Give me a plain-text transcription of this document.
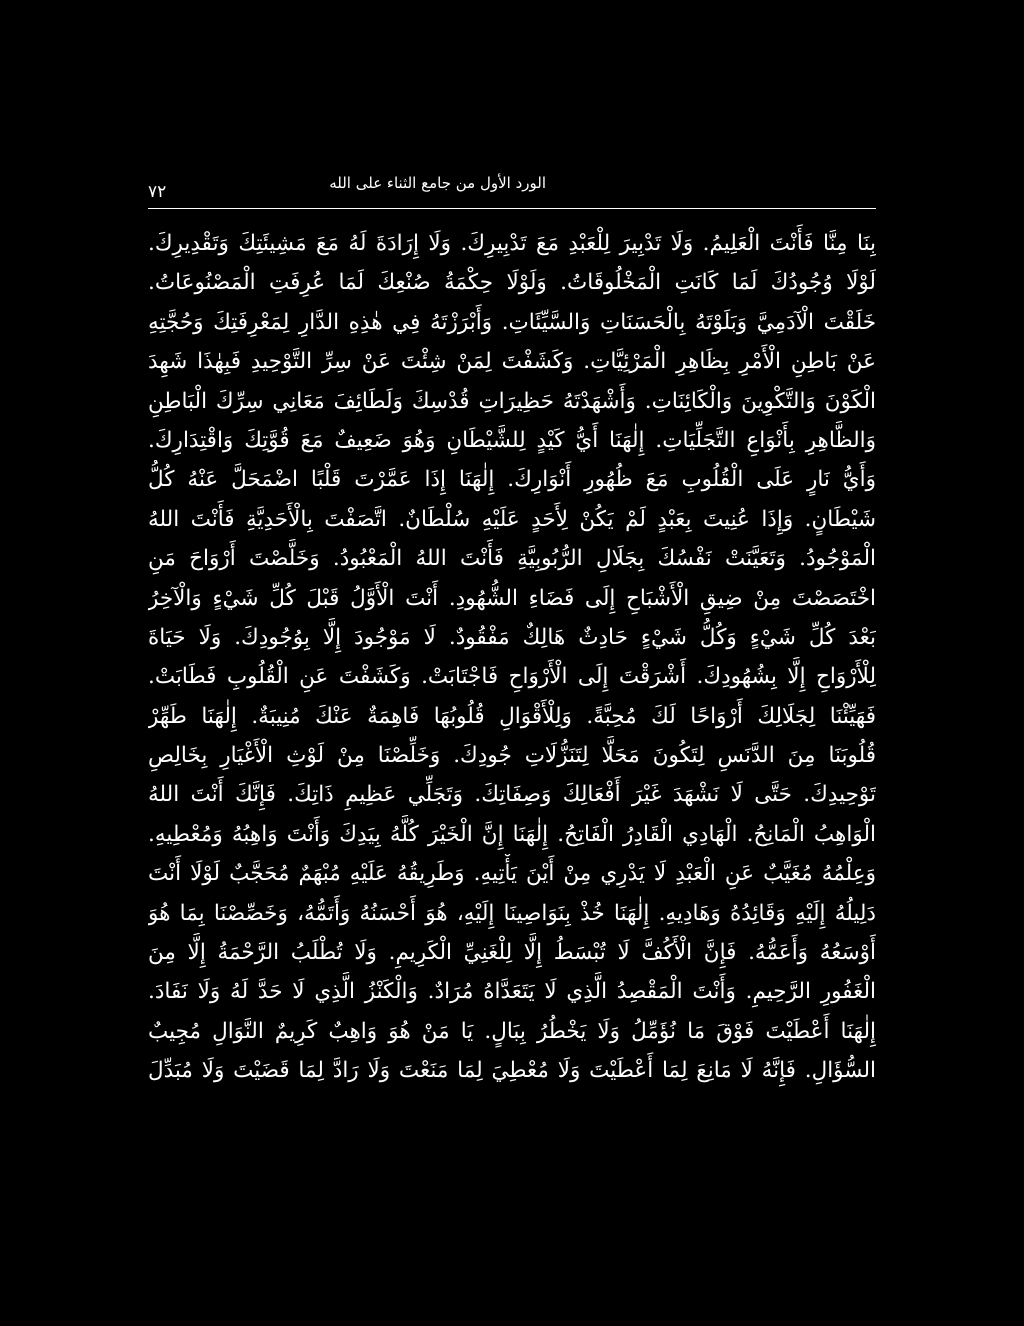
الورد الأول من جامع الثناء على الله
٧٢
بِنَا مِنَّا فَأَنْتَ الْعَلِيمُ. وَلَا تَدْبِيرَ لِلْعَبْدِ مَعَ تَدْبِيرِكَ. وَلَا إِرَادَةَ لَهُ مَعَ مَشِيئَتِكَ وَتَقْدِيرِكَ.
لَوْلَا وُجُودُكَ لَمَا كَانَتِ الْمَخْلُوقَاتُ. وَلَوْلَا حِكْمَةُ صُنْعِكَ لَمَا عُرِفَتِ الْمَصْنُوعَاتُ.
خَلَقْتَ الْآدَمِيَّ وَبَلَوْتَهُ بِالْحَسَنَاتِ وَالسَّيِّئَاتِ. وَأَبْرَزْتَهُ فِي هٰذِهِ الدَّارِ لِمَعْرِفَتِكَ وَحُجَّتِهِ
عَنْ بَاطِنِ الْأَمْرِ بِظَاهِرِ الْمَرْئِيَّاتِ. وَكَشَفْتَ لِمَنْ شِئْتَ عَنْ سِرِّ التَّوْحِيدِ فَبِهٰذَا شَهِدَ
الْكَوْنَ وَالتَّكْوِينَ وَالْكَائِنَاتِ. وَأَشْهَدْتَهُ حَظِيرَاتِ قُدْسِكَ وَلَطَائِفَ مَعَانِي سِرِّكَ الْبَاطِنِ
وَالظَّاهِرِ بِأَنْوَاعِ التَّجَلِّيَاتِ. إِلٰهَنَا أَيُّ كَيْدٍ لِلشَّيْطَانِ وَهُوَ ضَعِيفٌ مَعَ قُوَّتِكَ وَاقْتِدَارِكَ.
وَأَيُّ نَارٍ عَلَى الْقُلُوبِ مَعَ ظُهُورِ أَنْوَارِكَ. إِلٰهَنَا إِذَا عَمَّرْتَ قَلْبًا اضْمَحَلَّ عَنْهُ كُلُّ
شَيْطَانٍ. وَإِذَا عُنِيتَ بِعَبْدٍ لَمْ يَكُنْ لِأَحَدٍ عَلَيْهِ سُلْطَانٌ. اتَّصَفْتَ بِالْأَحَدِيَّةِ فَأَنْتَ اللهُ
الْمَوْجُودُ. وَتَعَيَّنَتْ نَفْسُكَ بِجَلَالِ الرُّبُوبِيَّةِ فَأَنْتَ اللهُ الْمَعْبُودُ. وَخَلَّصْتَ أَرْوَاحَ مَنِ
اخْتَصَصْتَ مِنْ ضِيقِ الْأَشْبَاحِ إِلَى فَضَاءِ الشُّهُودِ. أَنْتَ الْأَوَّلُ قَبْلَ كُلِّ شَيْءٍ وَالْآخِرُ
بَعْدَ كُلِّ شَيْءٍ وَكُلُّ شَيْءٍ حَادِثٌ هَالِكٌ مَفْقُودٌ. لَا مَوْجُودَ إِلَّا بِوُجُودِكَ. وَلَا حَيَاةَ
لِلْأَرْوَاحِ إِلَّا بِشُهُودِكَ. أَشْرَقْتَ إِلَى الْأَرْوَاحِ فَاجْتَابَتْ. وَكَشَفْتَ عَنِ الْقُلُوبِ فَطَابَتْ.
فَهَيِّئْنَا لِجَلَالِكَ أَرْوَاحًا لَكَ مُحِبَّةً. وَلِلْأَقْوَالِ قُلُوبُهَا فَاهِمَةٌ عَنْكَ مُنِيبَةٌ. إِلٰهَنَا طَهِّرْ
قُلُوبَنَا مِنَ الدَّنَسِ لِتَكُونَ مَحَلًّا لِتَنَزُّلَاتِ جُودِكَ. وَخَلِّصْنَا مِنْ لَوْثِ الْأَغْيَارِ بِخَالِصِ
تَوْحِيدِكَ. حَتَّى لَا نَشْهَدَ غَيْرَ أَفْعَالِكَ وَصِفَاتِكَ. وَتَجَلِّي عَظِيمِ ذَاتِكَ. فَإِنَّكَ أَنْتَ اللهُ
الْوَاهِبُ الْمَانِحُ. الْهَادِي الْقَادِرُ الْفَاتِحُ. إِلٰهَنَا إِنَّ الْخَيْرَ كُلَّهُ بِيَدِكَ وَأَنْتَ وَاهِبُهُ وَمُعْطِيهِ.
وَعِلْمُهُ مُغَيَّبٌ عَنِ الْعَبْدِ لَا يَدْرِي مِنْ أَيْنَ يَأْتِيهِ. وَطَرِيقُهُ عَلَيْهِ مُبْهَمٌ مُحَجَّبٌ لَوْلَا أَنْتَ
دَلِيلُهُ إِلَيْهِ وَقَائِدُهُ وَهَادِيهِ. إِلٰهَنَا خُذْ بِنَوَاصِينَا إِلَيْهِ، هُوَ أَحْسَنُهُ وَأَتَمُّهُ، وَخَصِّصْنَا بِمَا هُوَ
أَوْسَعُهُ وَأَعَمُّهُ. فَإِنَّ الْأَكُفَّ لَا تُبْسَطُ إِلَّا لِلْغَنِيِّ الْكَرِيمِ. وَلَا تُطْلَبُ الرَّحْمَةُ إِلَّا مِنَ
الْغَفُورِ الرَّحِيمِ. وَأَنْتَ الْمَقْصِدُ الَّذِي لَا يَتَعَدَّاهُ مُرَادٌ. وَالْكَنْزُ الَّذِي لَا حَدَّ لَهُ وَلَا نَفَادَ.
إِلٰهَنَا أَعْطَيْتَ فَوْقَ مَا نُؤَمِّلُ وَلَا يَخْطُرُ بِبَالٍ. يَا مَنْ هُوَ وَاهِبٌ كَرِيمٌ النَّوَالِ مُجِيبٌ
السُّؤَالِ. فَإِنَّهُ لَا مَانِعَ لِمَا أَعْطَيْتَ وَلَا مُعْطِيَ لِمَا مَنَعْتَ وَلَا رَادَّ لِمَا قَضَيْتَ وَلَا مُبَدِّلَ
